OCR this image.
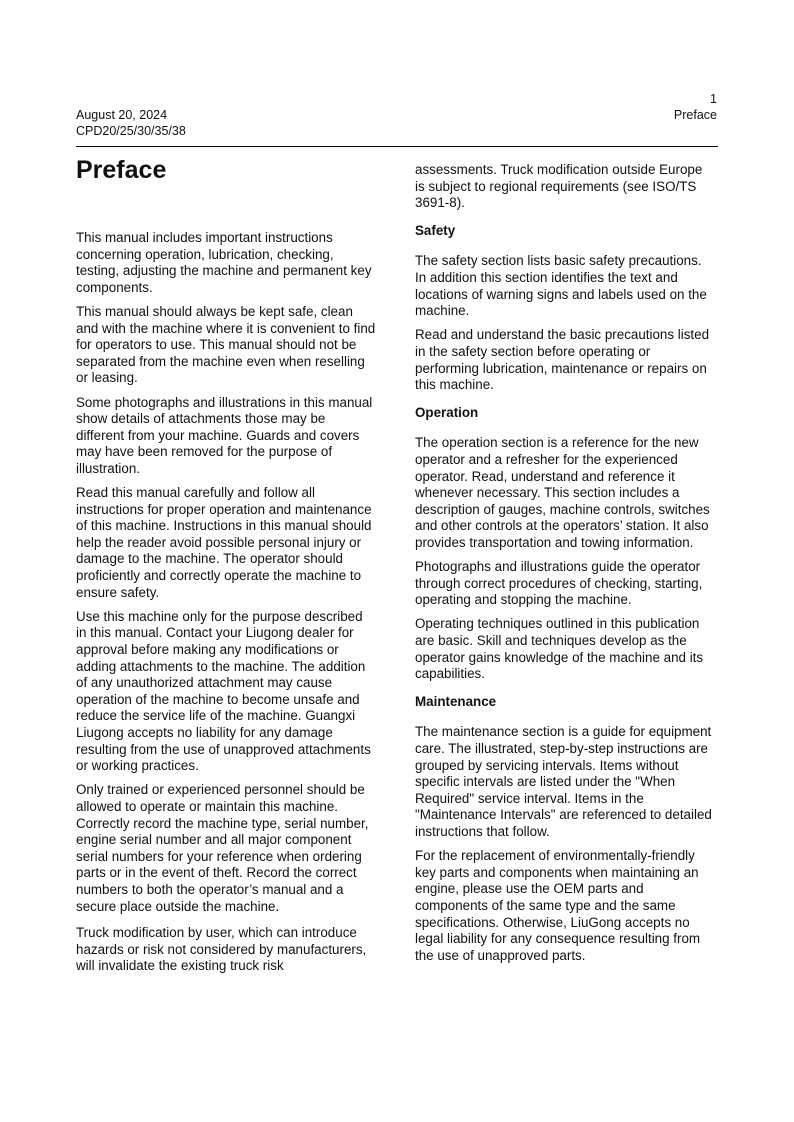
August 20, 2024
CPD20/25/30/35/38
1
Preface
Preface

This manual includes important instructions concerning operation, lubrication, checking, testing, adjusting the machine and permanent key components.

This manual should always be kept safe, clean and with the machine where it is convenient to find for operators to use. This manual should not be separated from the machine even when reselling or leasing.

Some photographs and illustrations in this manual show details of attachments those may be different from your machine. Guards and covers may have been removed for the purpose of illustration.

Read this manual carefully and follow all instructions for proper operation and maintenance of this machine. Instructions in this manual should help the reader avoid possible personal injury or damage to the machine. The operator should proficiently and correctly operate the machine to ensure safety.

Use this machine only for the purpose described in this manual. Contact your Liugong dealer for approval before making any modifications or adding attachments to the machine. The addition of any unauthorized attachment may cause operation of the machine to become unsafe and reduce the service life of the machine. Guangxi Liugong accepts no liability for any damage resulting from the use of unapproved attachments or working practices.

Only trained or experienced personnel should be allowed to operate or maintain this machine. Correctly record the machine type, serial number, engine serial number and all major component serial numbers for your reference when ordering parts or in the event of theft. Record the correct numbers to both the operator’s manual and a secure place outside the machine.

Truck modification by user, which can introduce hazards or risk not considered by manufacturers, will invalidate the existing truck risk

assessments. Truck modification outside Europe is subject to regional requirements (see ISO/TS 3691-8).

Safety

The safety section lists basic safety precautions. In addition this section identifies the text and locations of warning signs and labels used on the machine.

Read and understand the basic precautions listed in the safety section before operating or performing lubrication, maintenance or repairs on this machine.

Operation

The operation section is a reference for the new operator and a refresher for the experienced operator. Read, understand and reference it whenever necessary. This section includes a description of gauges, machine controls, switches and other controls at the operators’ station. It also provides transportation and towing information.

Photographs and illustrations guide the operator through correct procedures of checking, starting, operating and stopping the machine.

Operating techniques outlined in this publication are basic. Skill and techniques develop as the operator gains knowledge of the machine and its capabilities.

Maintenance

The maintenance section is a guide for equipment care. The illustrated, step-by-step instructions are grouped by servicing intervals. Items without specific intervals are listed under the "When Required" service interval. Items in the "Maintenance Intervals" are referenced to detailed instructions that follow.

For the replacement of environmentally-friendly key parts and components when maintaining an engine, please use the OEM parts and components of the same type and the same specifications. Otherwise, LiuGong accepts no legal liability for any consequence resulting from the use of unapproved parts.
